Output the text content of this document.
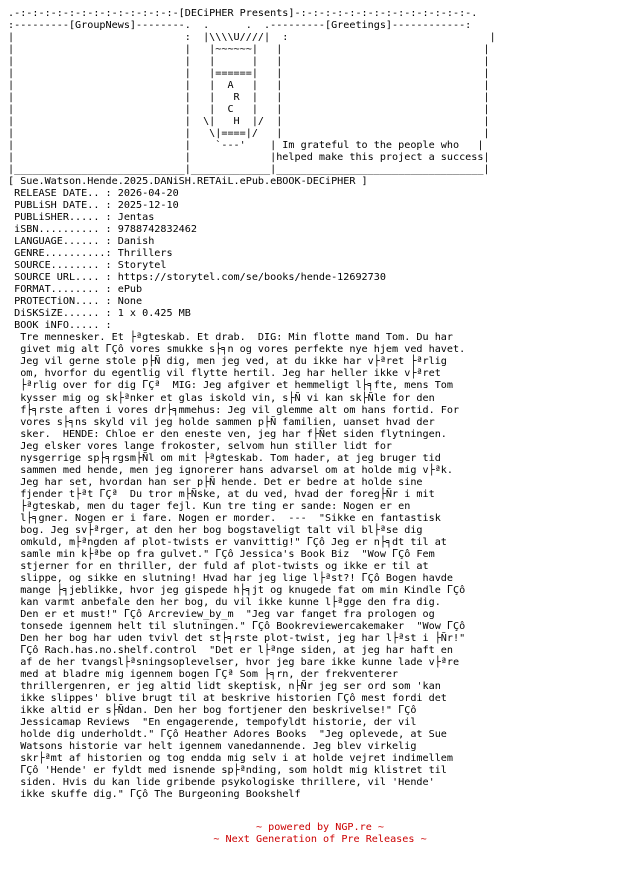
.-:-:-:-:-:-:-:-:-:-:-:-:-:-[DECiPHER Presents]-:-:-:-:-:-:-:-:-:-:-:-:-:-:-.
:---------[GroupNews]--------.  .      .  .---------[Greetings]------------:
|                            :  |\\\\U////|  :                                 |
|                            |   |~~~~~~|   |                                 |
|                            |   |      |   |                                 |
|                            |   |======|   |                                 |
|                            |   |  A   |   |                                 |
|                            |   |   R  |   |                                 |
|                            |   |  C   |   |                                 |
|                            |  \|   H  |/  |                                 |
|                            |   \|====|/   |                                 |
|                            |    `---'    | Im grateful to the people who   |
|                            |             |helped make this project a success|
|____________________________|_____________|__________________________________|
[ Sue.Watson.Hende.2025.DANiSH.RETAiL.ePub.eBOOK-DECiPHER ]
RELEASE DATE.. : 2026-04-20
PUBLiSH DATE.. : 2025-12-10
PUBLiSHER..... : Jentas
iSBN.......... : 9788742832462
LANGUAGE...... : Danish
GENRE..........: Thrillers
SOURCE........ : Storytel
SOURCE URL.... : https://storytel.com/se/books/hende-12692730
FORMAT........ : ePub
PROTECTiON.... : None
DiSKSiZE...... : 1 x 0.425 MB
BOOK iNFO..... :
Tre mennesker. Et ├ªgteskab. Et drab.  DIG: Min flotte mand Tom. Du har
givet mig alt ΓÇô vores smukke s├╕n og vores perfekte nye hjem ved havet.
Jeg vil gerne stole p├Ñ dig, men jeg ved, at du ikke har v├ªret ├ªrlig
om, hvorfor du egentlig vil flytte hertil. Jeg har heller ikke v├ªret
├ªrlig over for dig ΓÇª  MIG: Jeg afgiver et hemmeligt l├╕fte, mens Tom
kysser mig og sk├ªnker et glas iskold vin, s├Ñ vi kan sk├Ñle for den
f├╕rste aften i vores dr├╕mmehus: Jeg vil glemme alt om hans fortid. For
vores s├╕ns skyld vil jeg holde sammen p├Ñ familien, uanset hvad der
sker.  HENDE: Chloe er den eneste ven, jeg har f├Ñet siden flytningen.
Jeg elsker vores lange frokoster, selvom hun stiller lidt for
nysgerrige sp├╕rgsm├Ñl om mit ├ªgteskab. Tom hader, at jeg bruger tid
sammen med hende, men jeg ignorerer hans advarsel om at holde mig v├ªk.
Jeg har set, hvordan han ser p├Ñ hende. Det er bedre at holde sine
fjender t├ªt ΓÇª  Du tror m├Ñske, at du ved, hvad der foreg├Ñr i mit
├ªgteskab, men du tager fejl. Kun tre ting er sande: Nogen er en
l├╕gner. Nogen er i fare. Nogen er morder.  ---  "Sikke en fantastisk
bog. Jeg sv├ªrger, at den her bog bogstaveligt talt vil bl├ªse dig
omkuld, m├ªngden af plot-twists er vanvittig!" ΓÇô Jeg er n├╕dt til at
samle min k├ªbe op fra gulvet." ΓÇô Jessica's Book Biz  "Wow ΓÇô Fem
stjerner for en thriller, der fuld af plot-twists og ikke er til at
slippe, og sikke en slutning! Hvad har jeg lige l├ªst?! ΓÇô Bogen havde
mange ├╕jeblikke, hvor jeg gispede h├╕jt og knugede fat om min Kindle ΓÇô
kan varmt anbefale den her bog, du vil ikke kunne l├ªgge den fra dig.
Den er et must!" ΓÇô Arcreview_by_m  "Jeg var fanget fra prologen og
tonsede igennem helt til slutningen." ΓÇô Bookreviewercakemaker  "Wow ΓÇô
Den her bog har uden tvivl det st├╕rste plot-twist, jeg har l├ªst i ├Ñr!"
ΓÇô Rach.has.no.shelf.control  "Det er l├ªnge siden, at jeg har haft en
af de her tvangsl├ªsningsoplevelser, hvor jeg bare ikke kunne lade v├ªre
med at bladre mig igennem bogen ΓÇª Som ├╕rn, der frekventerer
thrillergenren, er jeg altid lidt skeptisk, n├Ñr jeg ser ord som 'kan
ikke slippes' blive brugt til at beskrive historien ΓÇô mest fordi det
ikke altid er s├Ñdan. Den her bog fortjener den beskrivelse!" ΓÇô
Jessicamap Reviews  "En engagerende, tempofyldt historie, der vil
holde dig underholdt." ΓÇô Heather Adores Books  "Jeg oplevede, at Sue
Watsons historie var helt igennem vanedannende. Jeg blev virkelig
skr├ªmt af historien og tog endda mig selv i at holde vejret indimellem
ΓÇô 'Hende' er fyldt med isnende sp├ªnding, som holdt mig klistret til
siden. Hvis du kan lide gribende psykologiske thrillere, vil 'Hende'
ikke skuffe dig." ΓÇô The Burgeoning Bookshelf
~ powered by NGP.re ~
~ Next Generation of Pre Releases ~
